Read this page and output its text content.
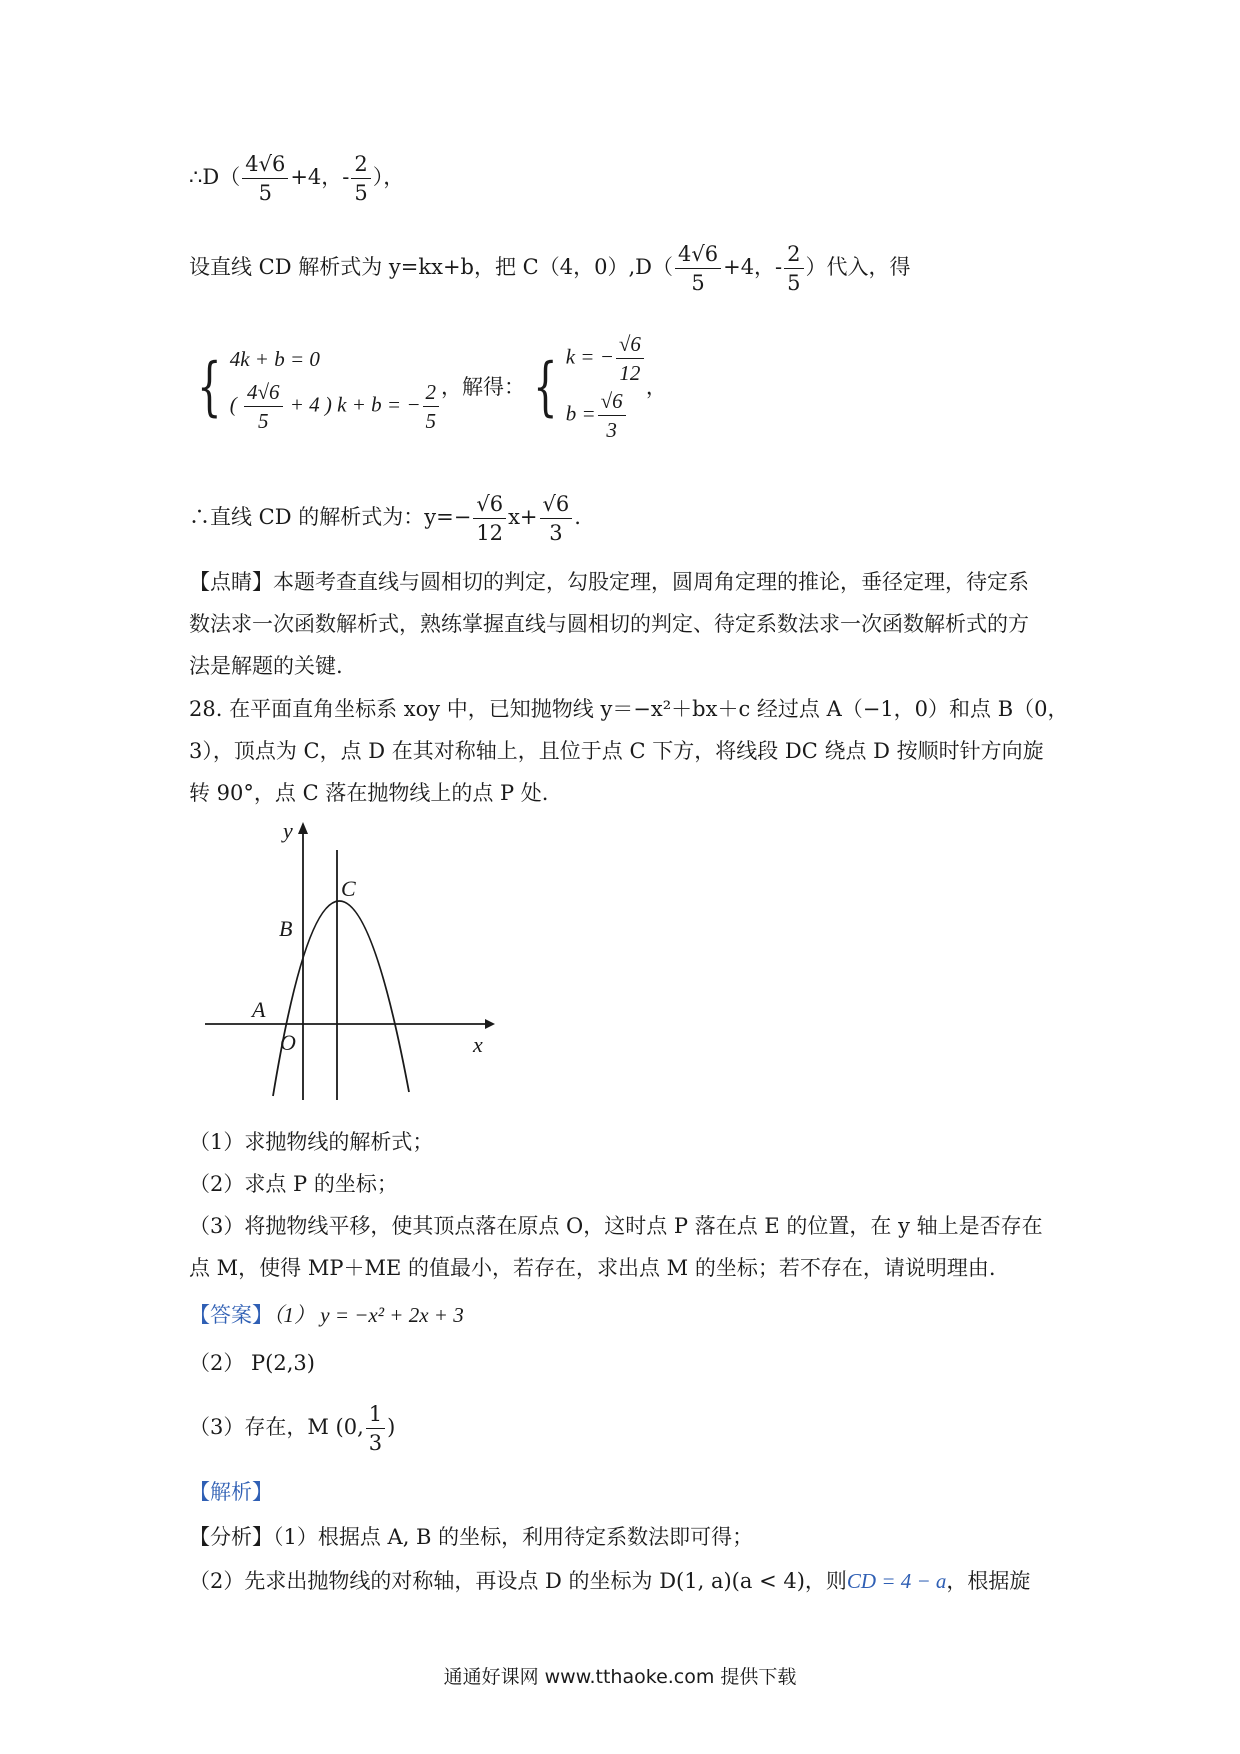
∴D（ $\frac{4√6}{5} +4$，- $\frac{2}{5}$ ），
设直线 CD 解析式为 y=kx+b，把 C（4，$0),D( \frac{4√6}{5} +4$，- $\frac{2}{5}$ ）代入，得
{ 4k + b = 0
( $\frac{4√6}{5} + 4$ ) k + b = − $\frac{2}{5}$ ，解得： { k = − $\frac{√6}{12}$
$b = \frac{√6}{3}$ ，
∴直线 CD 的解析式为：$y=- \frac{√6}{12} x+ \frac{√6}{3}$ .
【点睛】本题考查直线与圆相切的判定，勾股定理，圆周角定理的推论，垂径定理，待定系
数法求一次函数解析式，熟练掌握直线与圆相切的判定、待定系数法求一次函数解析式的方
法是解题的关键.
28. 在平面直角坐标系 xoy 中，已知抛物线 y＝−x²＋bx＋c 经过点 A（−1，0）和点 B（0，
3），顶点为 C，点 D 在其对称轴上，且位于点 C 下方，将线段 DC 绕点 D 按顺时针方向旋
转 90°，点 C 落在抛物线上的点 P 处.
y
x
O
A
B
C
（1）求抛物线的解析式；
（2）求点 P 的坐标；
（3）将抛物线平移，使其顶点落在原点 O，这时点 P 落在点 E 的位置，在 y 轴上是否存在
点 M，使得 MP＋ME 的值最小，若存在，求出点 M 的坐标；若不存在，请说明理由.
【答案】（1） y = −x² + 2x + 3
（2） P(2,3)
（3）存在，M (0, $\frac{1}{3}$ )
【解析】
【分析】（1）根据点 A, B 的坐标，利用待定系数法即可得；
（2）先求出抛物线的对称轴，再设点 D 的坐标为 D(1, a)(a < 4)，则CD = 4 − a，根据旋
通通好课网 www.tthaoke.com 提供下载
